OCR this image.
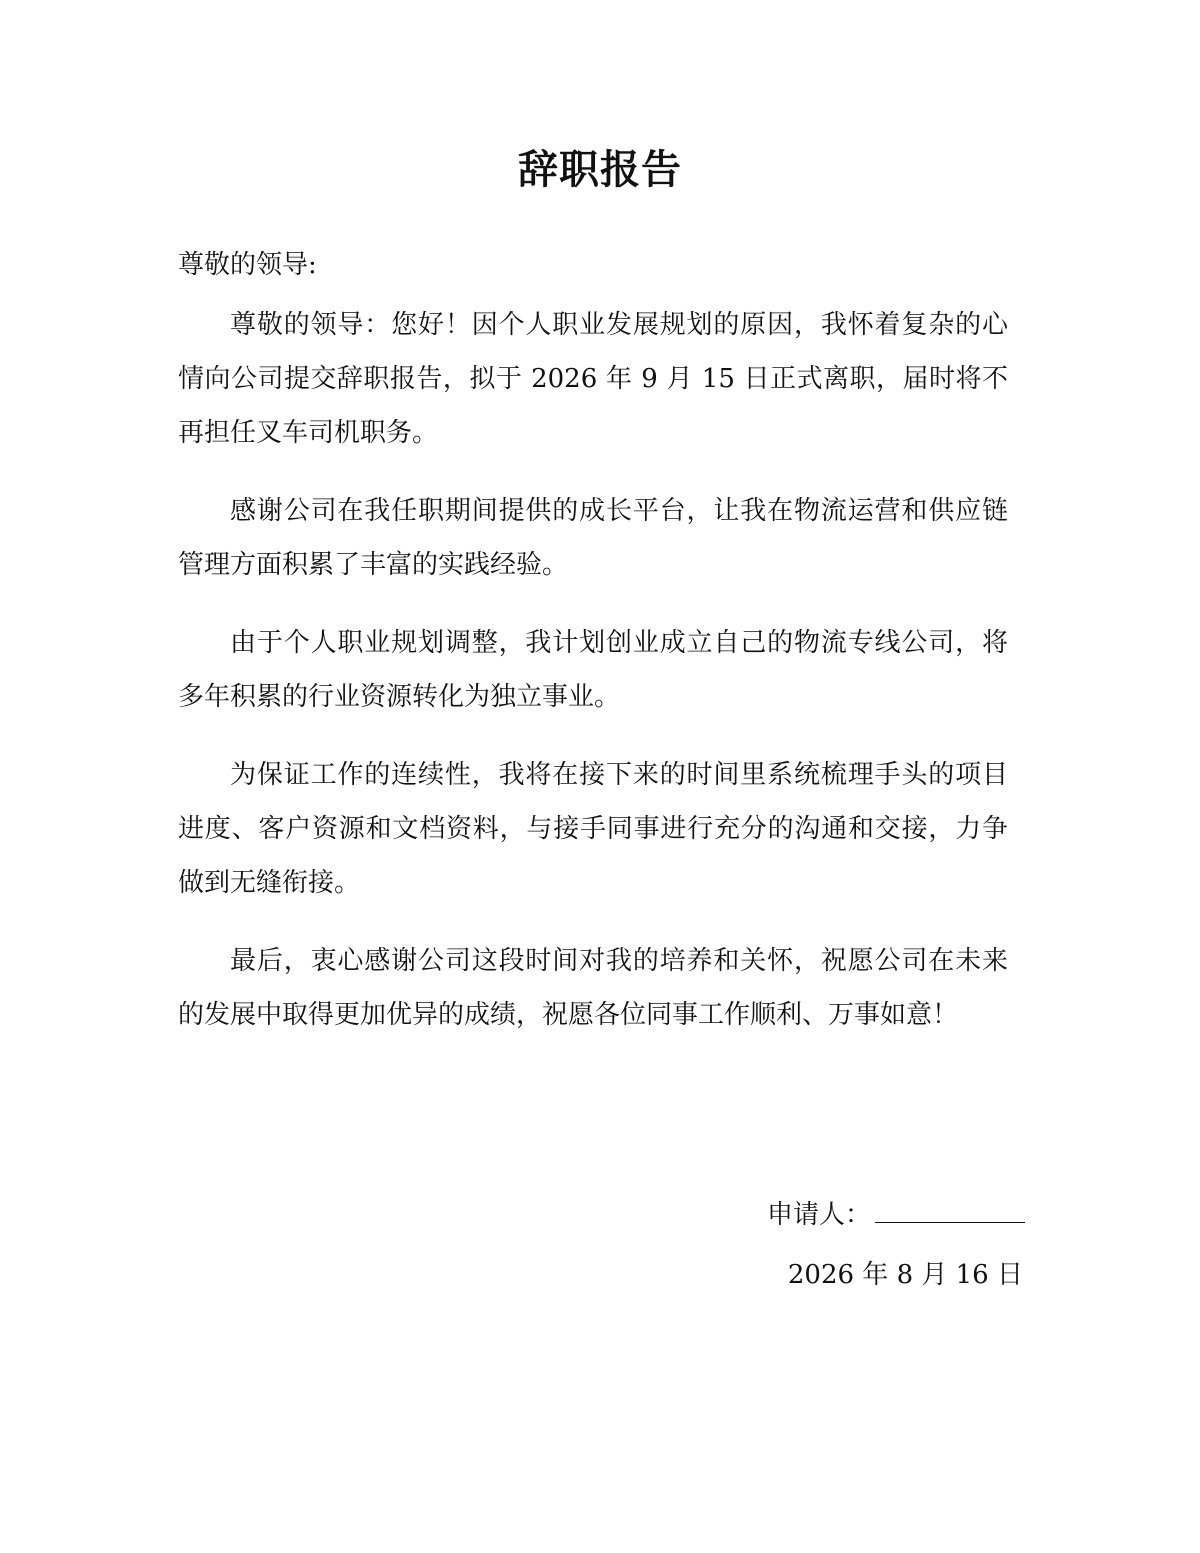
辞职报告
尊敬的领导:

尊敬的领导：您好！因个人职业发展规划的原因，我怀着复杂的心情向公司提交辞职报告，拟于 2026 年 9 月 15 日正式离职，届时将不再担任叉车司机职务。

感谢公司在我任职期间提供的成长平台，让我在物流运营和供应链管理方面积累了丰富的实践经验。

由于个人职业规划调整，我计划创业成立自己的物流专线公司，将多年积累的行业资源转化为独立事业。

为保证工作的连续性，我将在接下来的时间里系统梳理手头的项目进度、客户资源和文档资料，与接手同事进行充分的沟通和交接，力争做到无缝衔接。

最后，衷心感谢公司这段时间对我的培养和关怀，祝愿公司在未来的发展中取得更加优异的成绩，祝愿各位同事工作顺利、万事如意！

申请人：
2026 年 8 月 16 日
